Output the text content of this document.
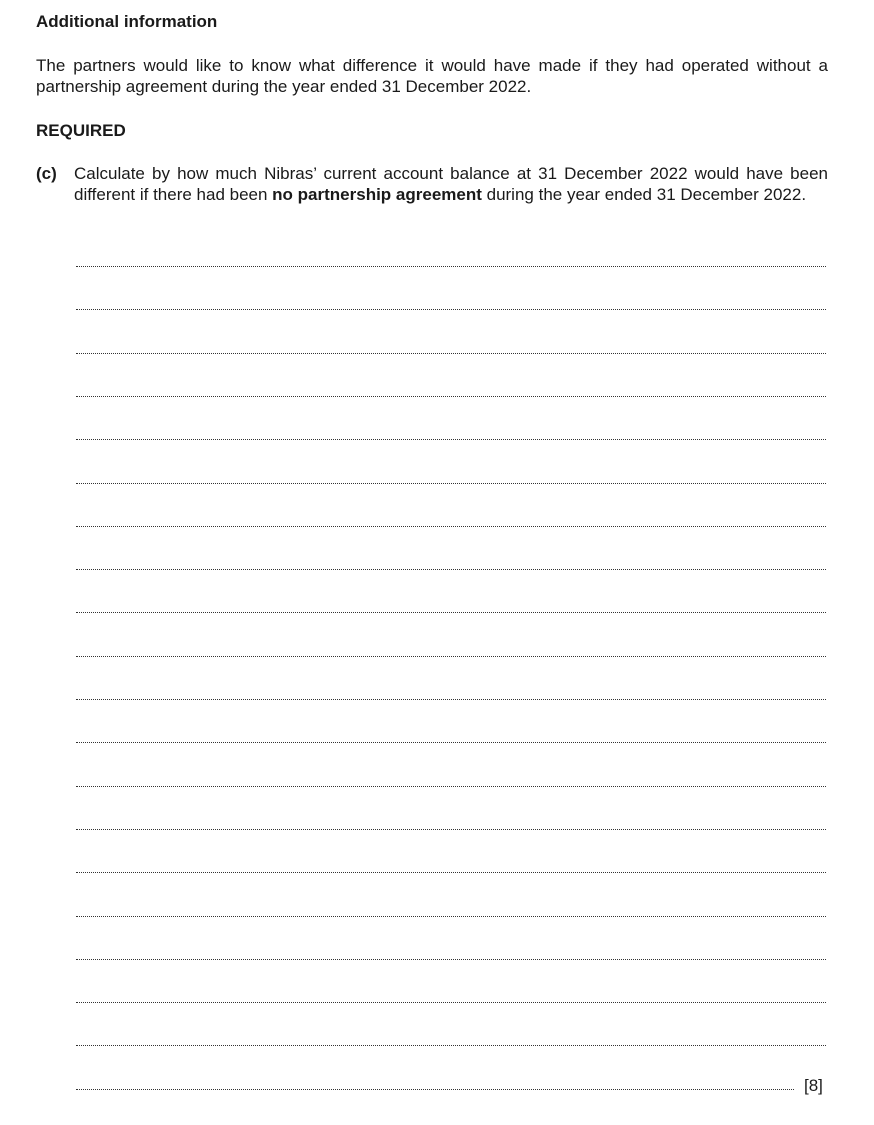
Additional information

The partners would like to know what difference it would have made if they had operated without a partnership agreement during the year ended 31 December 2022.

REQUIRED

(c) Calculate by how much Nibras’ current account balance at 31 December 2022 would have been different if there had been no partnership agreement during the year ended 31 December 2022.
[8]
